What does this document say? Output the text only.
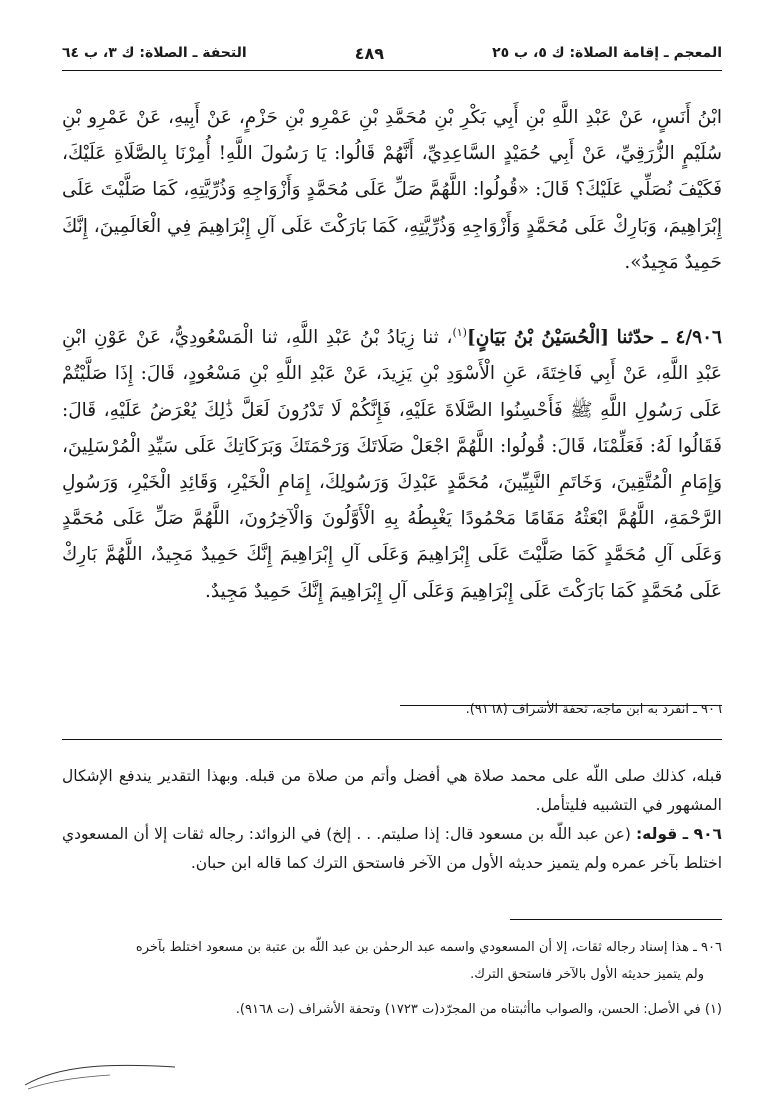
المعجم ـ إقامة الصلاة: ك ٥، ب ٢٥
٤٨٩
التحفة ـ الصلاة: ك ٣، ب ٦٤

ابْنُ أَنَسٍ، عَنْ عَبْدِ اللَّهِ بْنِ أَبِي بَكْرِ بْنِ مُحَمَّدِ بْنِ عَمْرِو بْنِ حَزْمٍ، عَنْ أَبِيهِ، عَنْ عَمْرِو بْنِ سُلَيْمٍ الزُّرَقِيِّ، عَنْ أَبِي حُمَيْدٍ السَّاعِدِيِّ، أَنَّهُمْ قَالُوا: يَا رَسُولَ اللَّهِ! أُمِرْنَا بِالصَّلَاةِ عَلَيْكَ، فَكَيْفَ نُصَلِّي عَلَيْكَ؟ قَالَ: «قُولُوا: اللَّهُمَّ صَلِّ عَلَى مُحَمَّدٍ وَأَزْوَاجِهِ وَذُرِّيَّتِهِ، كَمَا صَلَّيْتَ عَلَى إِبْرَاهِيمَ، وَبَارِكْ عَلَى مُحَمَّدٍ وَأَزْوَاجِهِ وَذُرِّيَّتِهِ، كَمَا بَارَكْتَ عَلَى آلِ إِبْرَاهِيمَ فِي الْعَالَمِينَ، إِنَّكَ حَمِيدٌ مَجِيدٌ».

٤/٩٠٦ ـ حدّثنا [الْحُسَيْنُ بْنُ بَيَانٍ]$^{(١)}$، ثنا زِيَادُ بْنُ عَبْدِ اللَّهِ، ثنا الْمَسْعُودِيُّ، عَنْ عَوْنِ ابْنِ عَبْدِ اللَّهِ، عَنْ أَبِي فَاخِتَةَ، عَنِ الْأَسْوَدِ بْنِ يَزِيدَ، عَنْ عَبْدِ اللَّهِ بْنِ مَسْعُودٍ، قَالَ: إِذَا صَلَّيْتُمْ عَلَى رَسُولِ اللَّهِ ﷺ فَأَحْسِنُوا الصَّلَاةَ عَلَيْهِ، فَإِنَّكُمْ لَا تَدْرُونَ لَعَلَّ ذَٰلِكَ يُعْرَضُ عَلَيْهِ، قَالَ: فَقَالُوا لَهُ: فَعَلِّمْنَا، قَالَ: قُولُوا: اللَّهُمَّ اجْعَلْ صَلَاتَكَ وَرَحْمَتَكَ وَبَرَكَاتِكَ عَلَى سَيِّدِ الْمُرْسَلِينَ، وَإِمَامِ الْمُتَّقِينَ، وَخَاتَمِ النَّبِيِّينَ، مُحَمَّدٍ عَبْدِكَ وَرَسُولِكَ، إِمَامِ الْخَيْرِ، وَقَائِدِ الْخَيْرِ، وَرَسُولِ الرَّحْمَةِ، اللَّهُمَّ ابْعَثْهُ مَقَامًا مَحْمُودًا يَغْبِطُهُ بِهِ الْأَوَّلُونَ وَالْآخِرُونَ، اللَّهُمَّ صَلِّ عَلَى مُحَمَّدٍ وَعَلَى آلِ مُحَمَّدٍ كَمَا صَلَّيْتَ عَلَى إِبْرَاهِيمَ وَعَلَى آلِ إِبْرَاهِيمَ إِنَّكَ حَمِيدٌ مَجِيدٌ، اللَّهُمَّ بَارِكْ عَلَى مُحَمَّدٍ كَمَا بَارَكْتَ عَلَى إِبْرَاهِيمَ وَعَلَى آلِ إِبْرَاهِيمَ إِنَّكَ حَمِيدٌ مَجِيدٌ.

٩٠٦ ـ انفرد به ابن ماجه، تحفة الأشراف (٩١٦٨).

قبله، كذلك صلى اللّه على محمد صلاة هي أفضل وأتم من صلاة من قبله. وبهذا التقدير يندفع الإشكال المشهور في التشبيه فليتأمل.

٩٠٦ ـ قوله: (عن عبد اللّه بن مسعود قال: إذا صليتم. . . إلخ) في الزوائد: رجاله ثقات إلا أن المسعودي اختلط بآخر عمره ولم يتميز حديثه الأول من الآخر فاستحق الترك كما قاله ابن حبان.

٩٠٦ ـ هذا إسناد رجاله ثقات، إلا أن المسعودي واسمه عبد الرحمٰن بن عبد اللّه بن عتبة بن مسعود اختلط بآخره

ولم يتميز حديثه الأول بالآخر فاستحق الترك.

(١) في الأصل: الحسن، والصواب ماأثبتناه من المجرّد(ت ١٧٢٣) وتحفة الأشراف (ت ٩١٦٨).
